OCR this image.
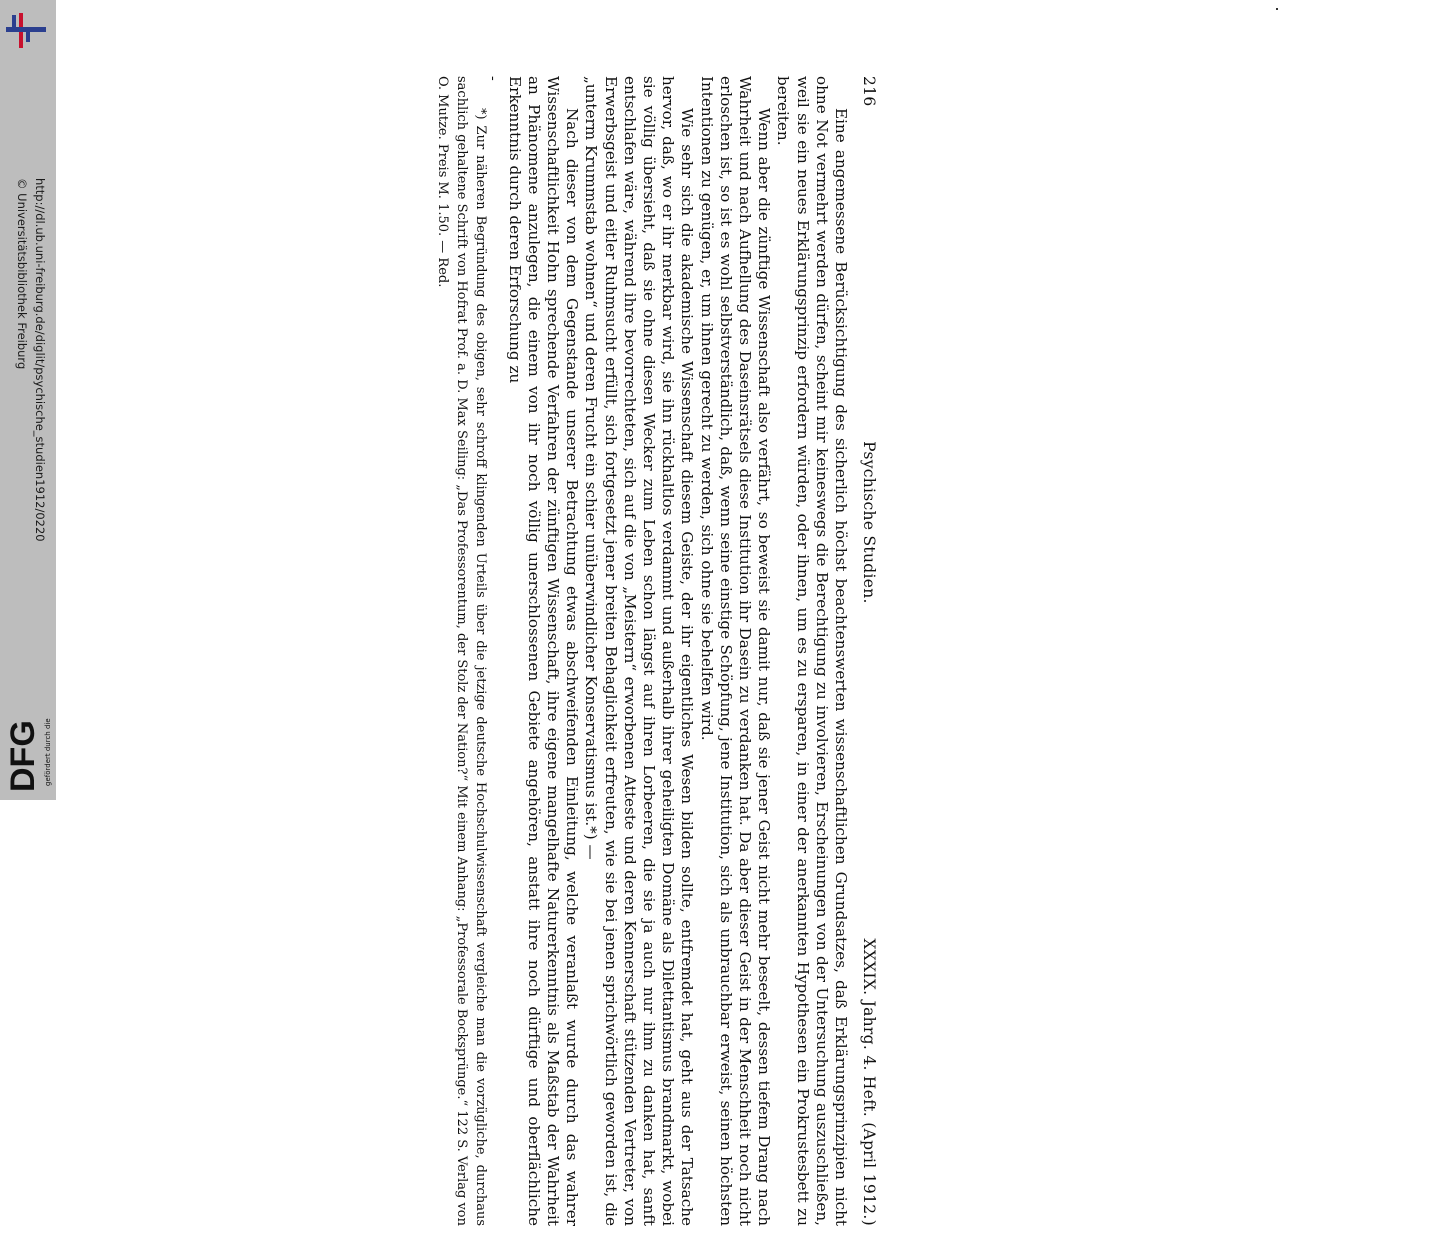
http://dl.ub.uni-freiburg.de/diglit/psychische_studien1912/0220
© Universitätsbibliothek Freiburg
DFG gefördert durch die
216
Psychische Studien.
XXXIX. Jahrg. 4. Heft. (April 1912.)

Eine angemessene Berücksichtigung des sicherlich höchst beachtenswerten wissenschaftlichen Grundsatzes, daß Erklärungsprinzipien nicht ohne Not vermehrt werden dürfen, scheint mir keineswegs die Berechtigung zu involvieren, Erscheinungen von der Untersuchung auszuschließen, weil sie ein neues Erklärungsprinzip erfordern würden, oder ihnen, um es zu ersparen, in einer der anerkannten Hypothesen ein Prokrustesbett zu bereiten.

Wenn aber die zünftige Wissenschaft also verfährt, so beweist sie damit nur, daß sie jener Geist nicht mehr beseelt, dessen tiefem Drang nach Wahrheit und nach Aufhellung des Daseinsrätsels diese Institution ihr Dasein zu verdanken hat. Da aber dieser Geist in der Menschheit noch nicht erloschen ist, so ist es wohl selbstverständlich, daß, wenn seine einstige Schöpfung, jene Institution, sich als unbrauchbar erweist, seinen höchsten Intentionen zu genügen, er, um ihnen gerecht zu werden, sich ohne sie behelfen wird.

Wie sehr sich die akademische Wissenschaft diesem Geiste, der ihr eigentliches Wesen bilden sollte, entfremdet hat, geht aus der Tatsache hervor, daß, wo er ihr merkbar wird, sie ihn rückhaltlos verdammt und außerhalb ihrer geheiligten Domäne als Dilettantismus brandmarkt, wobei sie völlig übersieht, daß sie ohne diesen Wecker zum Leben schon längst auf ihren Lorbeeren, die sie ja auch nur ihm zu danken hat, sanft entschlafen wäre, während ihre bevorrechteten, sich auf die von „Meistern“ erworbenen Atteste und deren Kennerschaft stützenden Vertreter, von Erwerbsgeist und eitler Ruhmsucht erfüllt, sich fortgesetzt jener breiten Behaglichkeit erfreuten, wie sie bei jenen sprichwörtlich geworden ist, die „unterm Krummstab wohnen“ und deren Frucht ein schier unüberwindlicher Konservatismus ist.*) —

Nach dieser von dem Gegenstande unserer Betrachtung etwas abschweifenden Einleitung, welche veranlaßt wurde durch das wahrer Wissenschaftlichkeit Hohn sprechende Verfahren der zünftigen Wissenschaft, ihre eigene mangelhafte Naturerkenntnis als Maßstab der Wahrheit an Phänomene anzulegen, die einem von ihr noch völlig unerschlossenen Gebiete angehören, anstatt ihre noch dürftige und oberflächliche Erkenntnis durch deren Erforschung zu

-

*) Zur näheren Begründung des obigen, sehr schroff klingenden Urteils über die jetzige deutsche Hochschulwissenschaft vergleiche man die vorzügliche, durchaus sachlich gehaltene Schrift von Hofrat Prof. a. D. Max Seiling: „Das Professorentum, der Stolz der Nation?“ Mit einem Anhang: „Professorale Bocksprünge.“ 122 S. Verlag von O. Mutze. Preis M. 1.50. — Red.
